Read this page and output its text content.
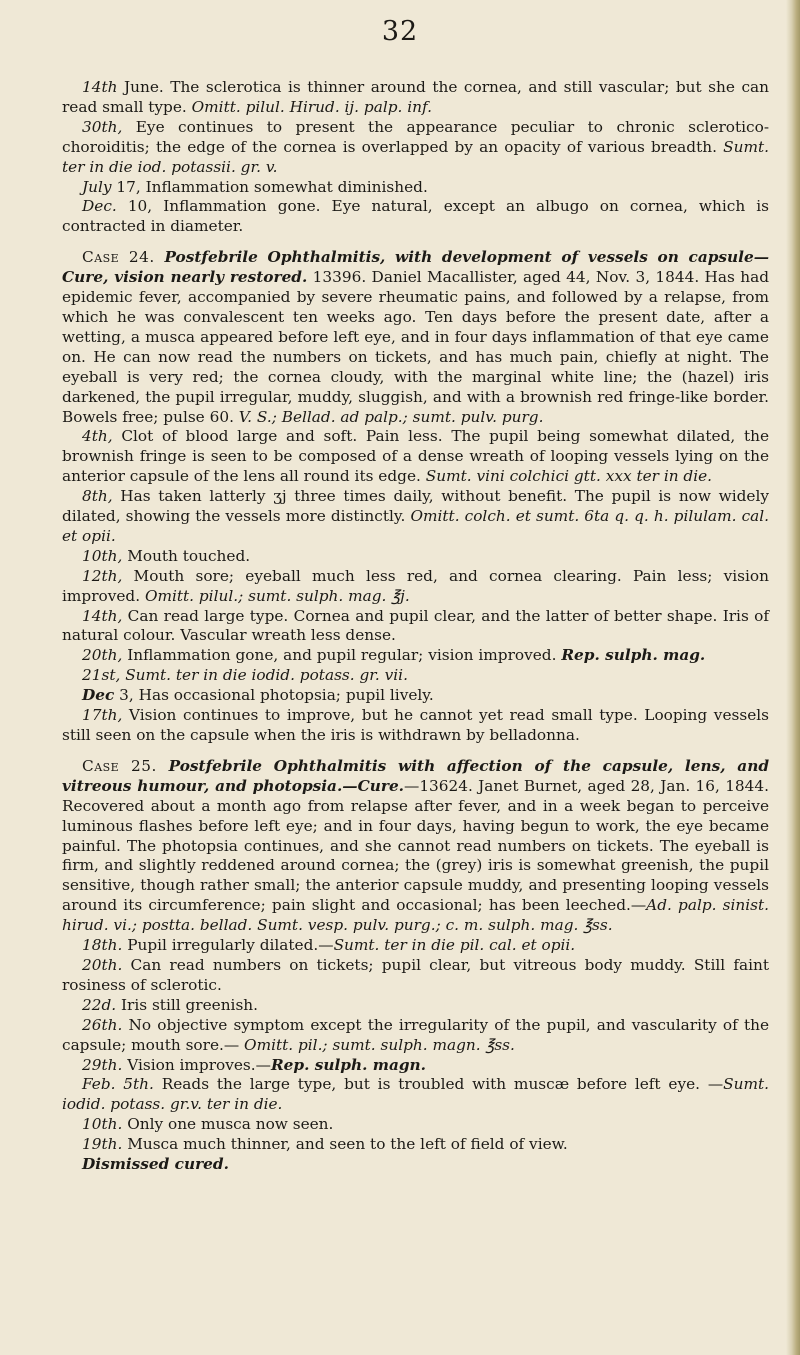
32

14th June. The sclerotica is thinner around the cornea, and still vascular; but she can read small type. Omitt. pilul. Hirud. ij. palp. inf.

30th, Eye continues to present the appearance peculiar to chronic sclerotico-choroiditis; the edge of the cornea is overlapped by an opacity of various breadth. Sumt. ter in die iod. potassii. gr. v.

July 17, Inflammation somewhat diminished.

Dec. 10, Inflammation gone. Eye natural, except an albugo on cornea, which is contracted in diameter.

Case 24. Postfebrile Ophthalmitis, with development of vessels on capsule—Cure, vision nearly restored. 13396. Daniel Macallister, aged 44, Nov. 3, 1844. Has had epidemic fever, accompanied by severe rheumatic pains, and followed by a relapse, from which he was convalescent ten weeks ago. Ten days before the present date, after a wetting, a musca appeared before left eye, and in four days inflammation of that eye came on. He can now read the numbers on tickets, and has much pain, chiefly at night. The eyeball is very red; the cornea cloudy, with the marginal white line; the (hazel) iris darkened, the pupil irregular, muddy, sluggish, and with a brownish red fringe-like border. Bowels free; pulse 60. V. S.; Bellad. ad palp.; sumt. pulv. purg.

4th, Clot of blood large and soft. Pain less. The pupil being somewhat dilated, the brownish fringe is seen to be composed of a dense wreath of looping vessels lying on the anterior capsule of the lens all round its edge. Sumt. vini colchici gtt. xxx ter in die.

8th, Has taken latterly ʒj three times daily, without benefit. The pupil is now widely dilated, showing the vessels more distinctly. Omitt. colch. et sumt. 6ta q. q. h. pilulam. cal. et opii.

10th, Mouth touched.

12th, Mouth sore; eyeball much less red, and cornea clearing. Pain less; vision improved. Omitt. pilul.; sumt. sulph. mag. ℥j.

14th, Can read large type. Cornea and pupil clear, and the latter of better shape. Iris of natural colour. Vascular wreath less dense.

20th, Inflammation gone, and pupil regular; vision improved. Rep. sulph. mag.

21st, Sumt. ter in die iodid. potass. gr. vii.

Dec 3, Has occasional photopsia; pupil lively.

17th, Vision continues to improve, but he cannot yet read small type. Looping vessels still seen on the capsule when the iris is withdrawn by belladonna.

Case 25. Postfebrile Ophthalmitis with affection of the capsule, lens, and vitreous humour, and photopsia.—Cure.—13624. Janet Burnet, aged 28, Jan. 16, 1844. Recovered about a month ago from relapse after fever, and in a week began to perceive luminous flashes before left eye; and in four days, having begun to work, the eye became painful. The photopsia continues, and she cannot read numbers on tickets. The eyeball is firm, and slightly reddened around cornea; the (grey) iris is somewhat greenish, the pupil sensitive, though rather small; the anterior capsule muddy, and presenting looping vessels around its circumference; pain slight and occasional; has been leeched.—Ad. palp. sinist. hirud. vi.; postta. bellad. Sumt. vesp. pulv. purg.; c. m. sulph. mag. ℥ss.

18th. Pupil irregularly dilated.—Sumt. ter in die pil. cal. et opii.

20th. Can read numbers on tickets; pupil clear, but vitreous body muddy. Still faint rosiness of sclerotic.

22d. Iris still greenish.

26th. No objective symptom except the irregularity of the pupil, and vascularity of the capsule; mouth sore.— Omitt. pil.; sumt. sulph. magn. ℥ss.

29th. Vision improves.—Rep. sulph. magn.

Feb. 5th. Reads the large type, but is troubled with muscæ before left eye. —Sumt. iodid. potass. gr.v. ter in die.

10th. Only one musca now seen.

19th. Musca much thinner, and seen to the left of field of view.

Dismissed cured.
